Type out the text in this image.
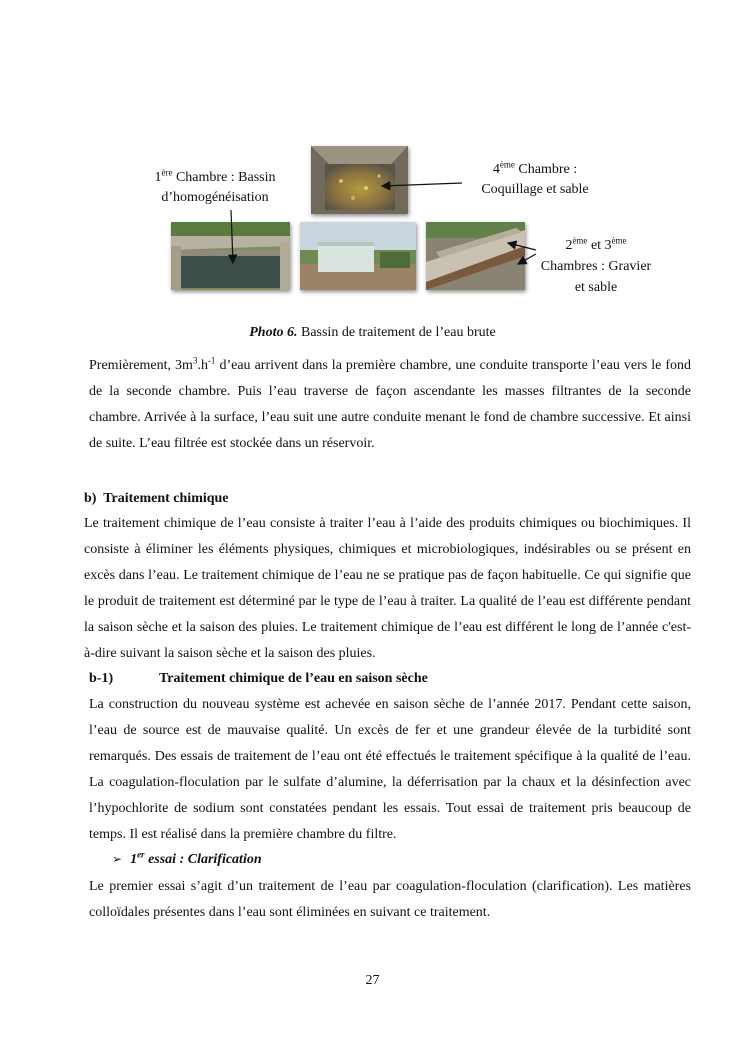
1ère Chambre : Bassin
d’homogénéisation
4ème Chambre :
Coquillage et sable
2ème et 3ème
Chambres : Gravier
et sable
Photo 6. Bassin de traitement de l’eau brute

Premièrement, $3m^3.h^{-1}$ d’eau arrivent dans la première chambre, une conduite transporte l’eau vers le fond de la seconde chambre. Puis l’eau traverse de façon ascendante les masses filtrantes de la seconde chambre. Arrivée à la surface, l’eau suit une autre conduite menant le fond de chambre successive. Et ainsi de suite. L’eau filtrée est stockée dans un réservoir.

b)  Traitement chimique

Le traitement chimique de l’eau consiste à traiter l’eau à l’aide des produits chimiques ou biochimiques. Il consiste à éliminer les éléments physiques, chimiques et microbiologiques, indésirables ou se présent en excès dans l’eau. Le traitement chimique de l’eau ne se pratique pas de façon habituelle. Ce qui signifie que le produit de traitement est déterminé par le type de l’eau à traiter. La qualité de l’eau est différente pendant la saison sèche et la saison des pluies. Le traitement chimique de l’eau est différent le long de l’année c'est-à-dire suivant la saison sèche et la saison des pluies.

b-1)	Traitement chimique de l’eau en saison sèche

La construction du nouveau système est achevée en saison sèche de l’année 2017. Pendant cette saison, l’eau de source est de mauvaise qualité. Un excès de fer et une grandeur élevée de la turbidité sont remarqués. Des essais de traitement de l’eau ont été effectués le traitement spécifique à la qualité de l’eau. La coagulation-floculation par le sulfate d’alumine, la déferrisation par la chaux et la désinfection avec l’hypochlorite de sodium sont constatées pendant les essais. Tout essai de traitement pris beaucoup de temps. Il est réalisé dans la première chambre du filtre.

➢ 1er essai : Clarification

Le premier essai s’agit d’un traitement de l’eau par coagulation-floculation (clarification). Les matières colloïdales présentes dans l’eau sont éliminées en suivant ce traitement.

27
